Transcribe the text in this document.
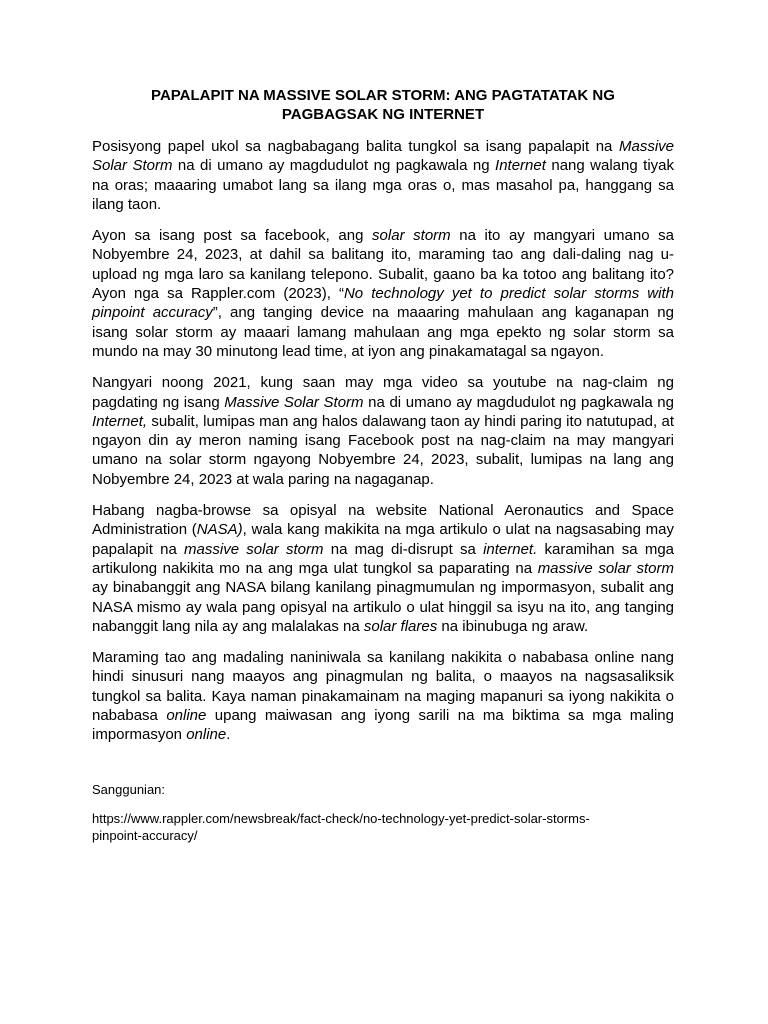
PAPALAPIT NA MASSIVE SOLAR STORM: ANG PAGTATATAK NG
PAGBAGSAK NG INTERNET

Posisyong papel ukol sa nagbabagang balita tungkol sa isang papalapit na Massive Solar Storm na di umano ay magdudulot ng pagkawala ng Internet nang walang tiyak na oras; maaaring umabot lang sa ilang mga oras o, mas masahol pa, hanggang sa ilang taon.

Ayon sa isang post sa facebook, ang solar storm na ito ay mangyari umano sa Nobyembre 24, 2023, at dahil sa balitang ito, maraming tao ang dali-daling nag u-upload ng mga laro sa kanilang telepono. Subalit, gaano ba ka totoo ang balitang ito? Ayon nga sa Rappler.com (2023), “No technology yet to predict solar storms with pinpoint accuracy”, ang tanging device na maaaring mahulaan ang kaganapan ng isang solar storm ay maaari lamang mahulaan ang mga epekto ng solar storm sa mundo na may 30 minutong lead time, at iyon ang pinakamatagal sa ngayon.

Nangyari noong 2021, kung saan may mga video sa youtube na nag-claim ng pagdating ng isang Massive Solar Storm na di umano ay magdudulot ng pagkawala ng Internet, subalit, lumipas man ang halos dalawang taon ay hindi paring ito natutupad, at ngayon din ay meron naming isang Facebook post na nag-claim na may mangyari umano na solar storm ngayong Nobyembre 24, 2023, subalit, lumipas na lang ang Nobyembre 24, 2023 at wala paring na nagaganap.

Habang nagba-browse sa opisyal na website National Aeronautics and Space Administration (NASA), wala kang makikita na mga artikulo o ulat na nagsasabing may papalapit na massive solar storm na mag di-disrupt sa internet. karamihan sa mga artikulong nakikita mo na ang mga ulat tungkol sa paparating na massive solar storm ay binabanggit ang NASA bilang kanilang pinagmumulan ng impormasyon, subalit ang NASA mismo ay wala pang opisyal na artikulo o ulat hinggil sa isyu na ito, ang tanging nabanggit lang nila ay ang malalakas na solar flares na ibinubuga ng araw.

Maraming tao ang madaling naniniwala sa kanilang nakikita o nababasa online nang hindi sinusuri nang maayos ang pinagmulan ng balita, o maayos na nagsasaliksik tungkol sa balita. Kaya naman pinakamainam na maging mapanuri sa iyong nakikita o nababasa online upang maiwasan ang iyong sarili na ma biktima sa mga maling impormasyon online.

Sanggunian:

https://www.rappler.com/newsbreak/fact-check/no-technology-yet-predict-solar-storms-
pinpoint-accuracy/
